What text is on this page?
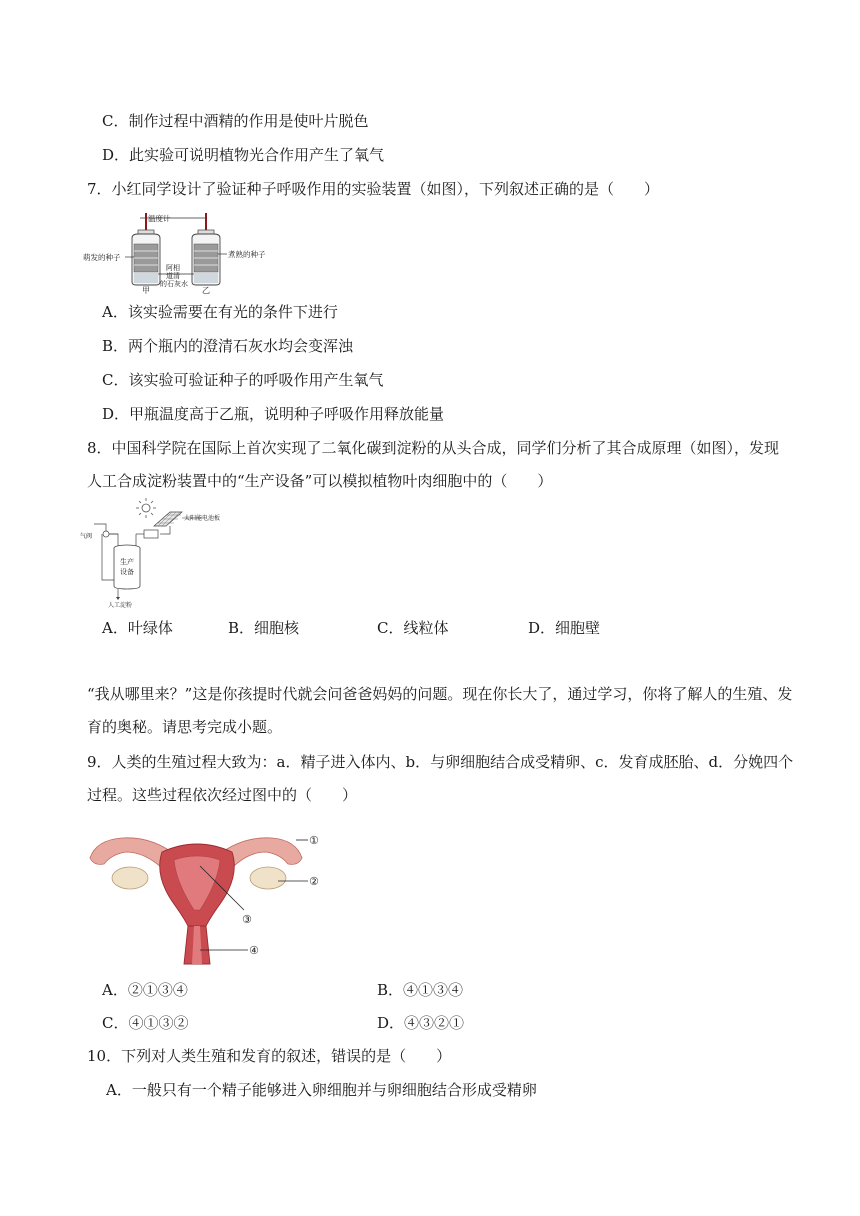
C．制作过程中酒精的作用是使叶片脱色
D．此实验可说明植物光合作用产生了氧气
7．小红同学设计了验证种子呼吸作用的实验装置（如图），下列叙述正确的是（　　）
温度计
萌发的种子	煮熟的种子
阿相
道清
的石灰水
甲	乙
A．该实验需要在有光的条件下进行
B．两个瓶内的澄清石灰水均会变浑浊
C．该实验可验证种子的呼吸作用产生氧气
D．甲瓶温度高于乙瓶，说明种子呼吸作用释放能量
8．中国科学院在国际上首次实现了二氧化碳到淀粉的从头合成，同学们分析了其合成原理（如图），发现
人工合成淀粉装置中的“生产设备”可以模拟植物叶肉细胞中的（　　）
太阳能电池板
气阀
生产
设备
人工淀粉
A．叶绿体	B．细胞核	C．线粒体	D．细胞壁
“我从哪里来？”这是你孩提时代就会问爸爸妈妈的问题。现在你长大了，通过学习，你将了解人的生殖、发
育的奥秘。请思考完成小题。
9．人类的生殖过程大致为：a．精子进入体内、b．与卵细胞结合成受精卵、c．发育成胚胎、d．分娩四个
过程。这些过程依次经过图中的（　　）
①
②
③
④
A．②①③④	B．④①③④
C．④①③②	D．④③②①
10．下列对人类生殖和发育的叙述，错误的是（　　）
A．一般只有一个精子能够进入卵细胞并与卵细胞结合形成受精卵
